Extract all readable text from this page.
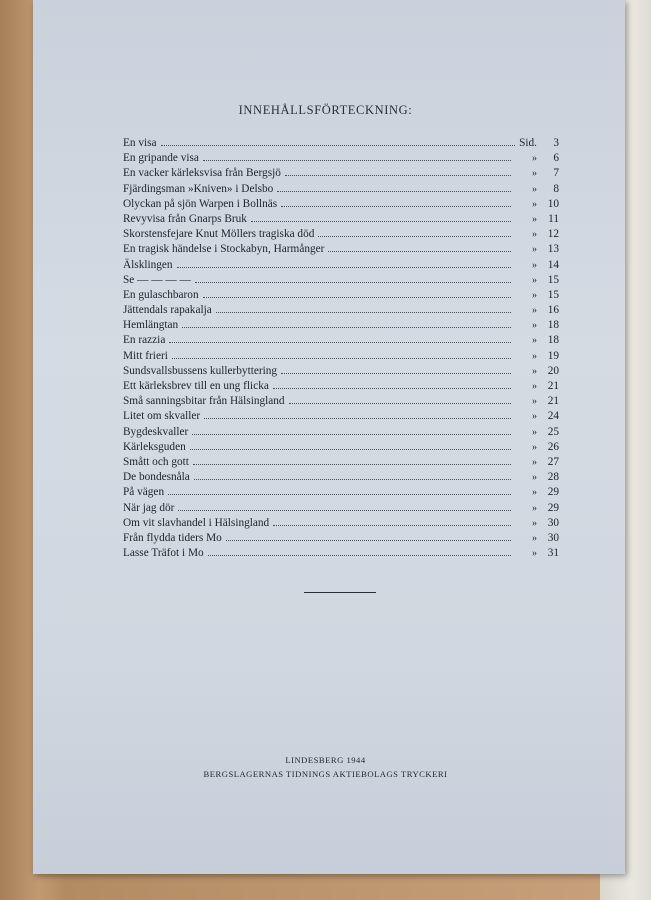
INNEHÅLLSFÖRTECKNING:
En visa	Sid.	3
En gripande visa	»	6
En vacker kärleksvisa från Bergsjö	»	7
Fjärdingsman »Kniven» i Delsbo	»	8
Olyckan på sjön Warpen i Bollnäs	» 10
Revyvisa från Gnarps Bruk	» 11
Skorstensfejare Knut Möllers tragiska död	» 12
En tragisk händelse i Stockabyn, Harmånger	» 13
Älsklingen	» 14
Se — — — —	» 15
En gulaschbaron	» 15
Jättendals rapakalja	» 16
Hemlängtan	» 18
En razzia	» 18
Mitt frieri	» 19
Sundsvallsbussens kullerbyttering	» 20
Ett kärleksbrev till en ung flicka	» 21
Små sanningsbitar från Hälsingland	» 21
Litet om skvaller	» 24
Bygdeskvaller	» 25
Kärleksguden	» 26
Smått och gott	» 27
De bondesnåla	» 28
På vägen	» 29
När jag dör	» 29
Om vit slavhandel i Hälsingland	» 30
Från flydda tiders Mo	» 30
Lasse Träfot i Mo	» 31
LINDESBERG 1944
BERGSLAGERNAS TIDNINGS AKTIEBOLAGS TRYCKERI
